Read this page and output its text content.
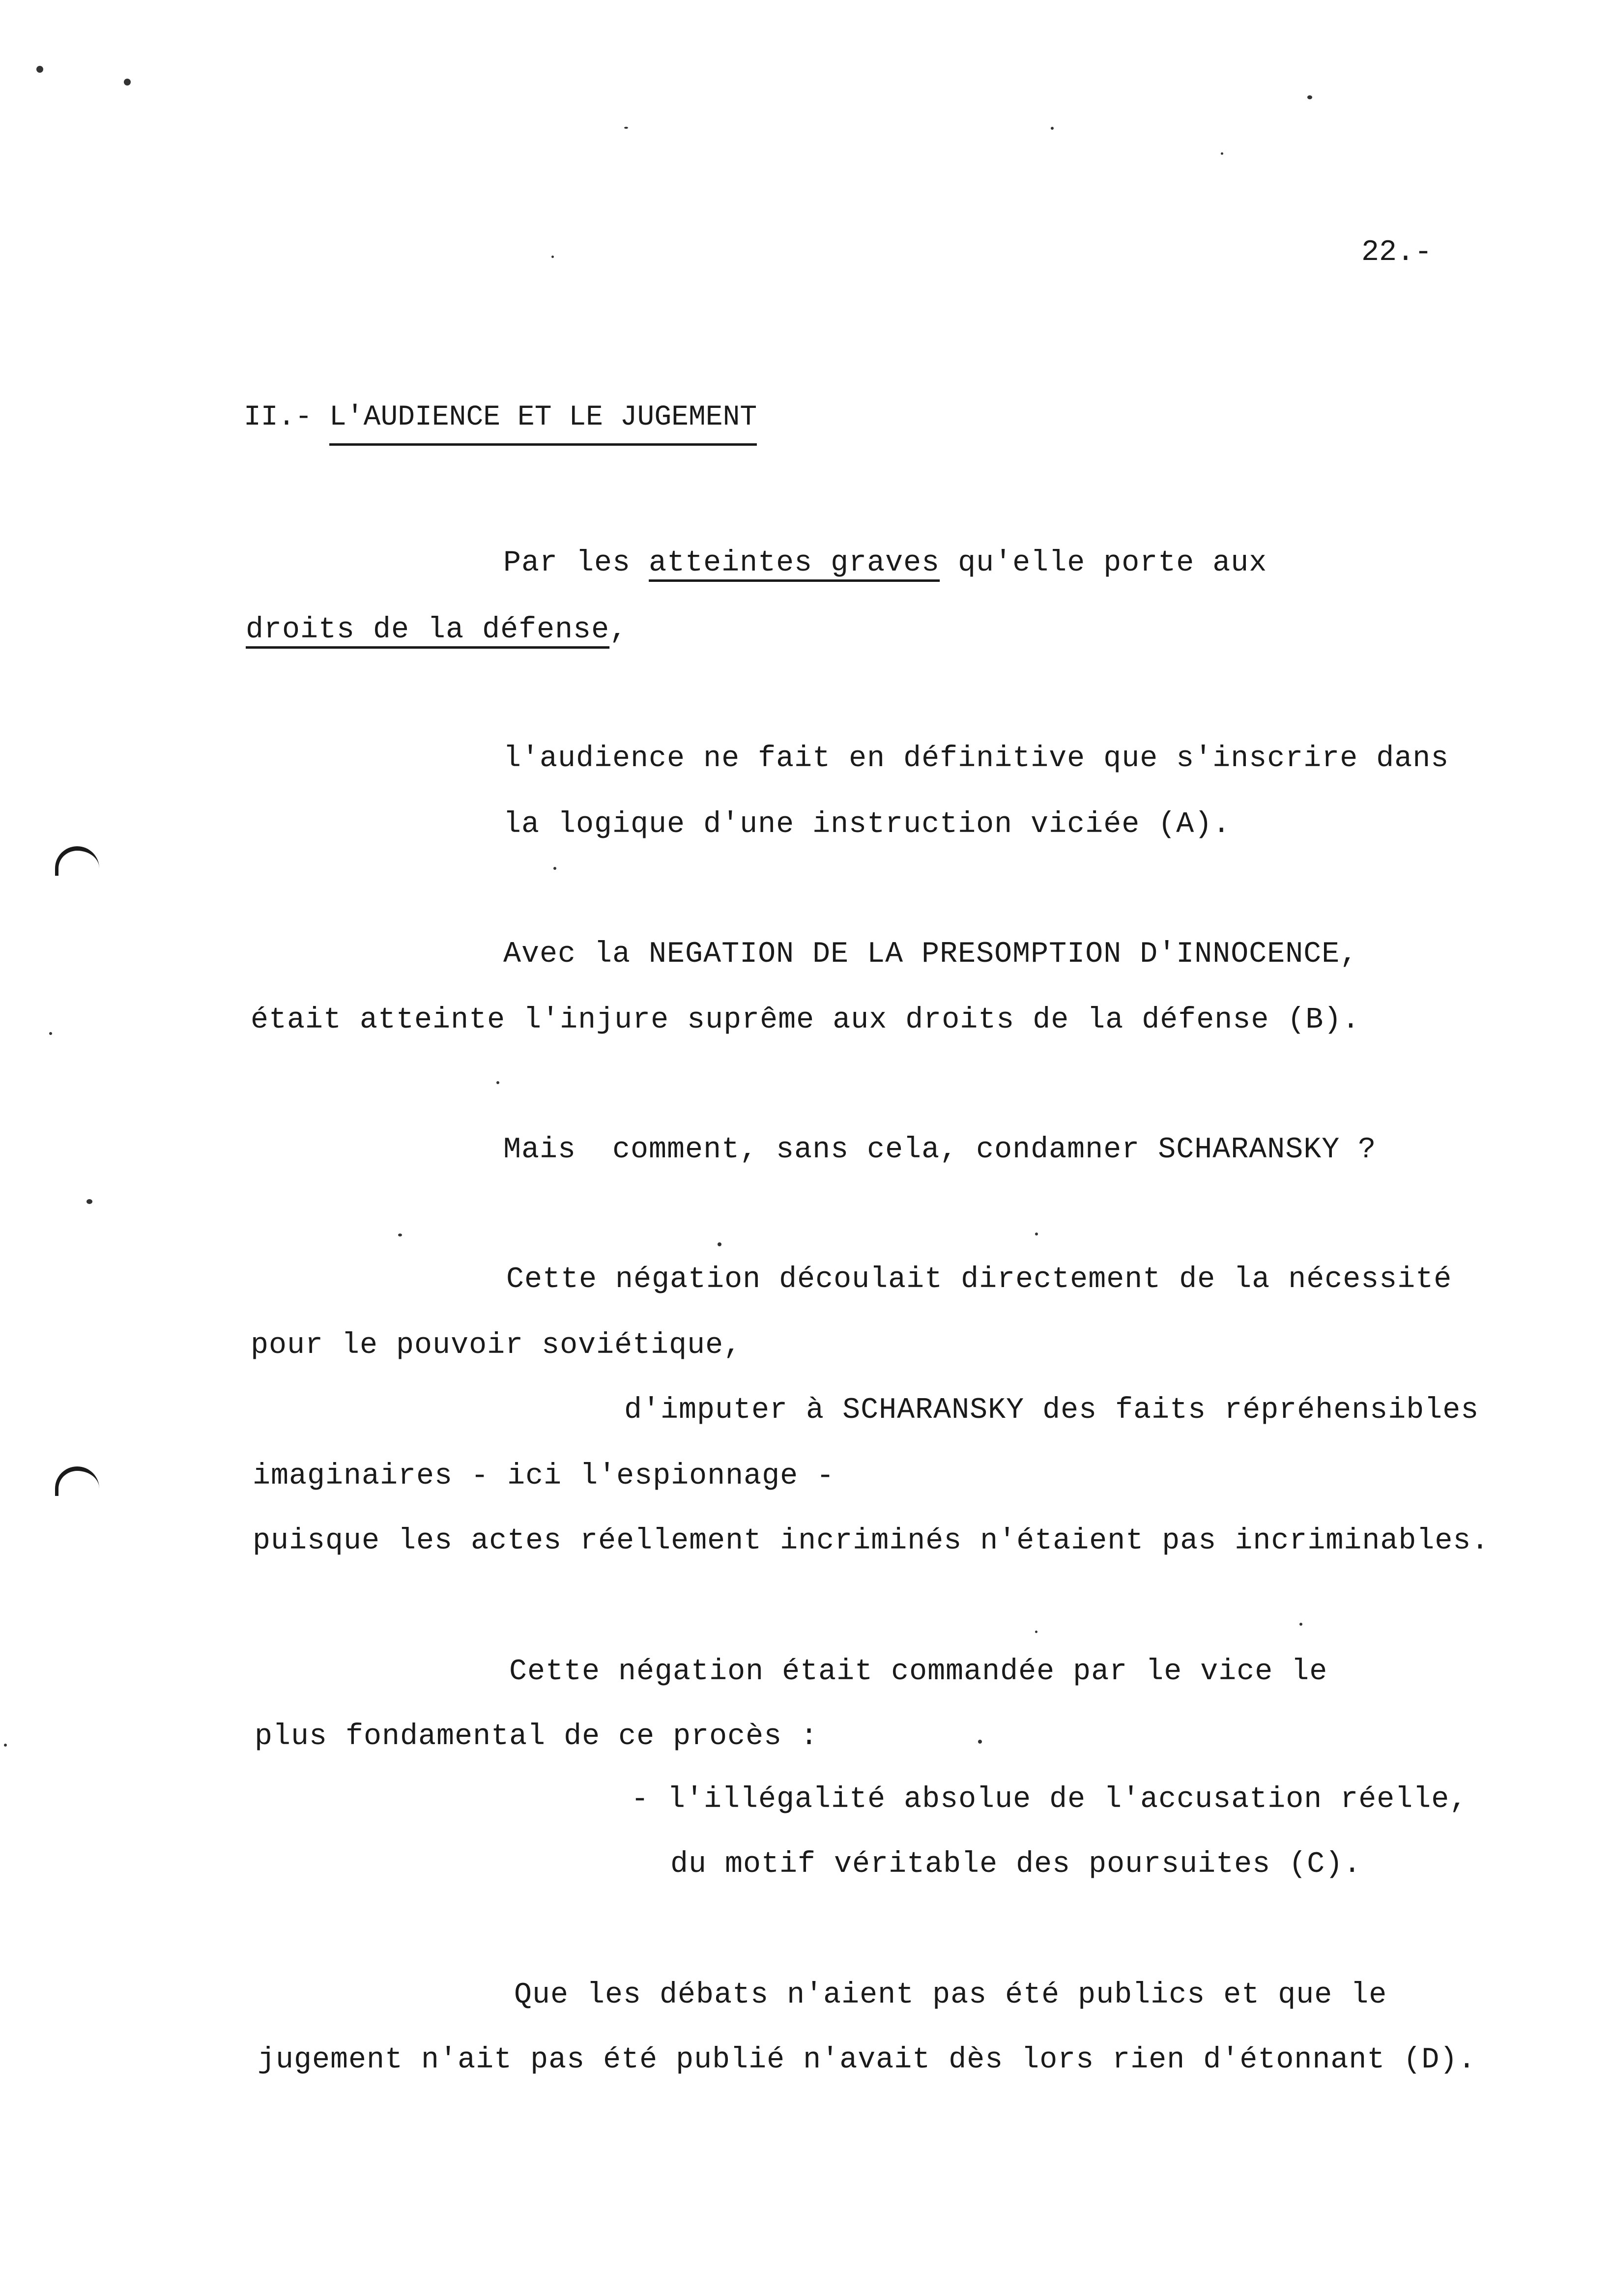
22.-
II.- L'AUDIENCE ET LE JUGEMENT
Par les atteintes graves qu'elle porte aux
droits de la défense,
l'audience ne fait en définitive que s'inscrire dans
la logique d'une instruction viciée (A).
Avec la NEGATION DE LA PRESOMPTION D'INNOCENCE,
était atteinte l'injure suprême aux droits de la défense (B).
Mais  comment, sans cela, condamner SCHARANSKY ?
Cette négation découlait directement de la nécessité
pour le pouvoir soviétique,
d'imputer à SCHARANSKY des faits répréhensibles
imaginaires - ici l'espionnage -
puisque les actes réellement incriminés n'étaient pas incriminables.
Cette négation était commandée par le vice le
plus fondamental de ce procès :
- l'illégalité absolue de l'accusation réelle,
du motif véritable des poursuites (C).
Que les débats n'aient pas été publics et que le
jugement n'ait pas été publié n'avait dès lors rien d'étonnant (D).
